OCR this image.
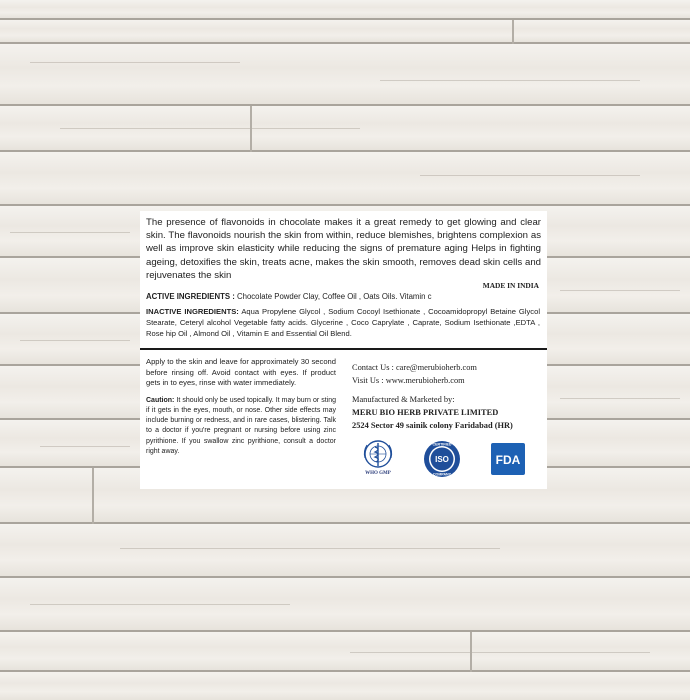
The presence of flavonoids in chocolate makes it a great remedy to get glowing and clear skin. The flavonoids nourish the skin from within, reduce blemishes, brightens complexion as well as improve skin elasticity while reducing the signs of premature aging Helps in fighting ageing, detoxifies the skin, treats acne, makes the skin smooth, removes dead skin cells and rejuvenates the skin

MADE IN INDIA
ACTIVE INGREDIENTS : Chocolate Powder Clay, Coffee Oil , Oats Oils. Vitamin c

INACTIVE INGREDIENTS: Aqua Propylene Glycol , Sodium Cocoyl Isethionate , Cocoamidopropyl Betaine Glycol Stearate, Ceteryl alcohol Vegetable fatty acids. Glycerine , Coco Caprylate , Caprate, Sodium Isethionate ,EDTA , Rose hip Oil , Almond Oil , Vitamin E and Essential Oil Blend.

Apply to the skin and leave for approximately 30 second before rinsing off. Avoid contact with eyes. If product gets in to eyes, rinse with water immediately.

Caution: It should only be used topically. It may burn or sting if it gets in the eyes, mouth, or nose. Other side effects may include burning or redness, and in rare cases, blistering. Talk to a doctor if you're pregnant or nursing before using zinc pyrithione. If you swallow zinc pyrithione, consult a doctor right away.

Contact Us : care@merubioherb.com
Visit Us : www.merubioherb.com
Manufactured & Marketed by:
MERU BIO HERB PRIVATE LIMITED
2524 Sector 49 sainik colony Faridabad (HR)
WHO GMP
ISO
CERTIFIED
COMPANY
FDA
